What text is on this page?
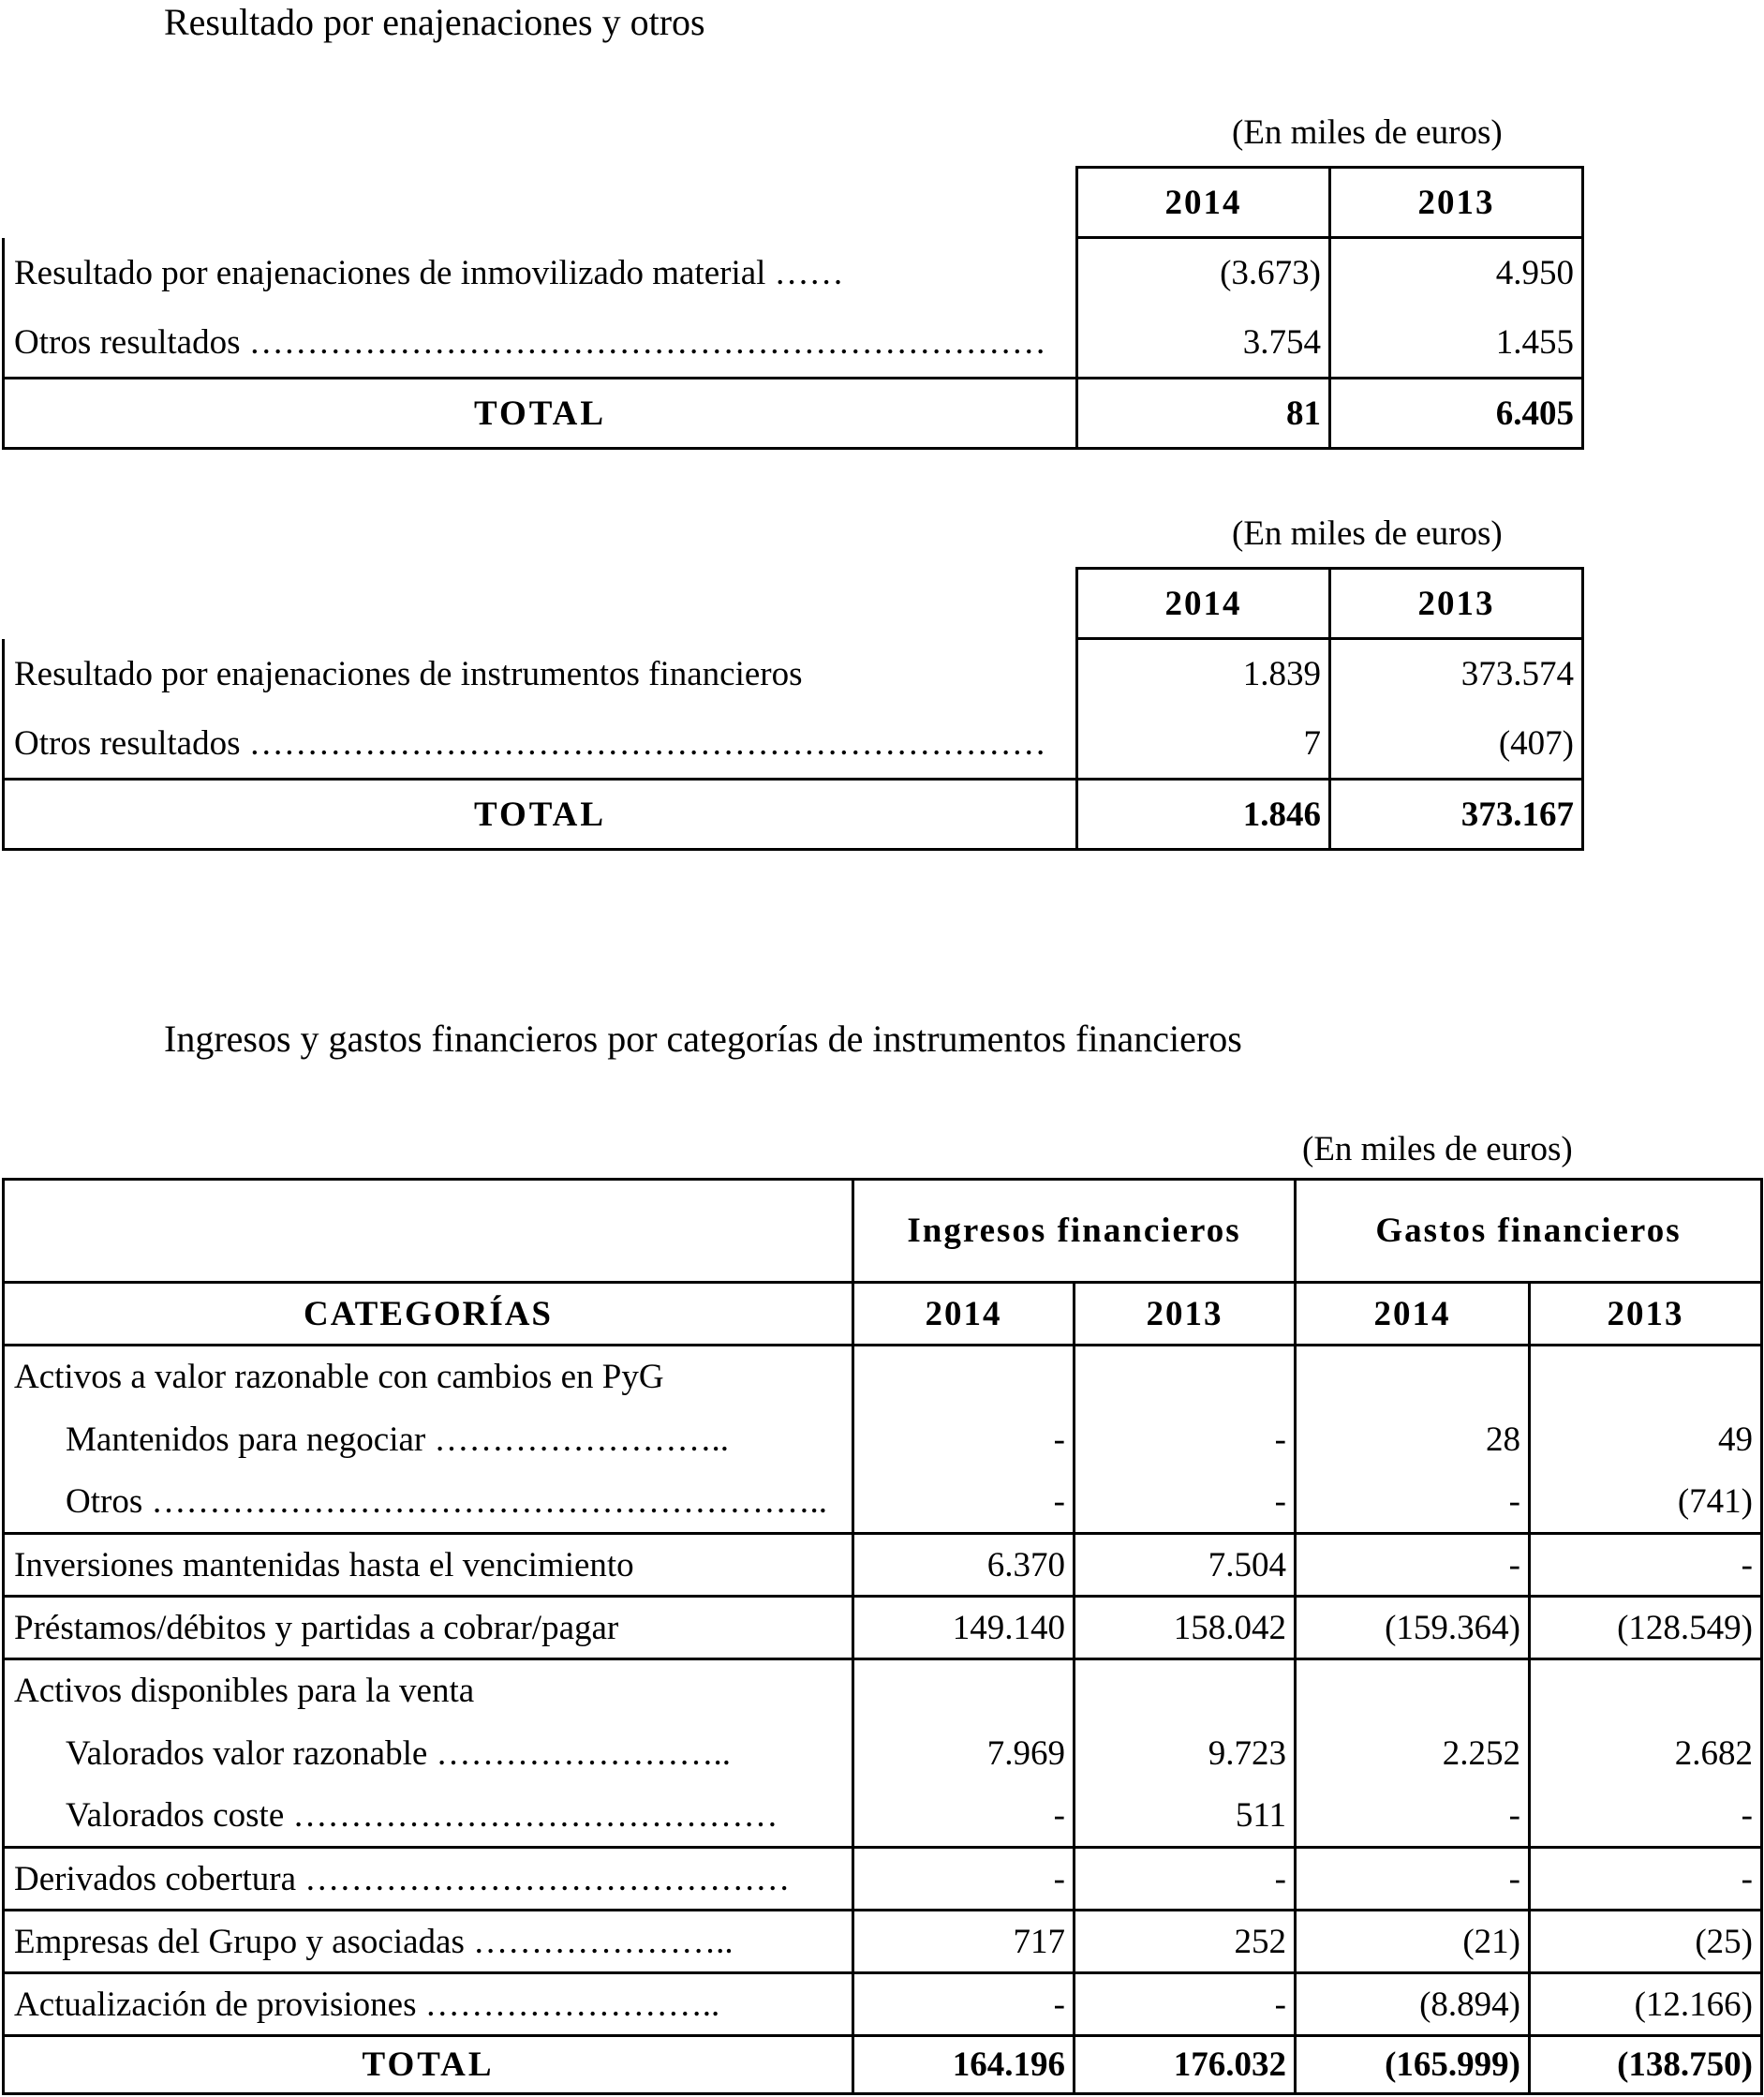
Resultado por enajenaciones y otros
(En miles de euros)
	2014	2013
Resultado por enajenaciones de inmovilizado material ……	(3.673)	4.950
Otros resultados ……………………………………………………………	3.754	1.455
TOTAL	81	6.405
(En miles de euros)
	2014	2013
Resultado por enajenaciones de instrumentos financieros	1.839	373.574
Otros resultados ……………………………………………………………	7	(407)
TOTAL	1.846	373.167
Ingresos y gastos financieros por categorías de instrumentos financieros
(En miles de euros)
	Ingresos financieros		Gastos financieros	
CATEGORÍAS	2014	2013	2014	2013
Activos a valor razonable con cambios en PyG				
Mantenidos para negociar ……………………..	-	-	28	49
Otros …………………………………………………..	-	-	-	(741)
Inversiones mantenidas hasta el vencimiento	6.370	7.504	-	-
Préstamos/débitos y partidas a cobrar/pagar	149.140	158.042	(159.364)	(128.549)
Activos disponibles para la venta				
Valorados valor razonable ……………………..	7.969	9.723	2.252	2.682
Valorados coste ……………………………………	-	511	-	-
Derivados cobertura ……………………………………	-	-	-	-
Empresas del Grupo y asociadas …………………..	717	252	(21)	(25)
Actualización de provisiones ……………………..	-	-	(8.894)	(12.166)
TOTAL	164.196	176.032	(165.999)	(138.750)
